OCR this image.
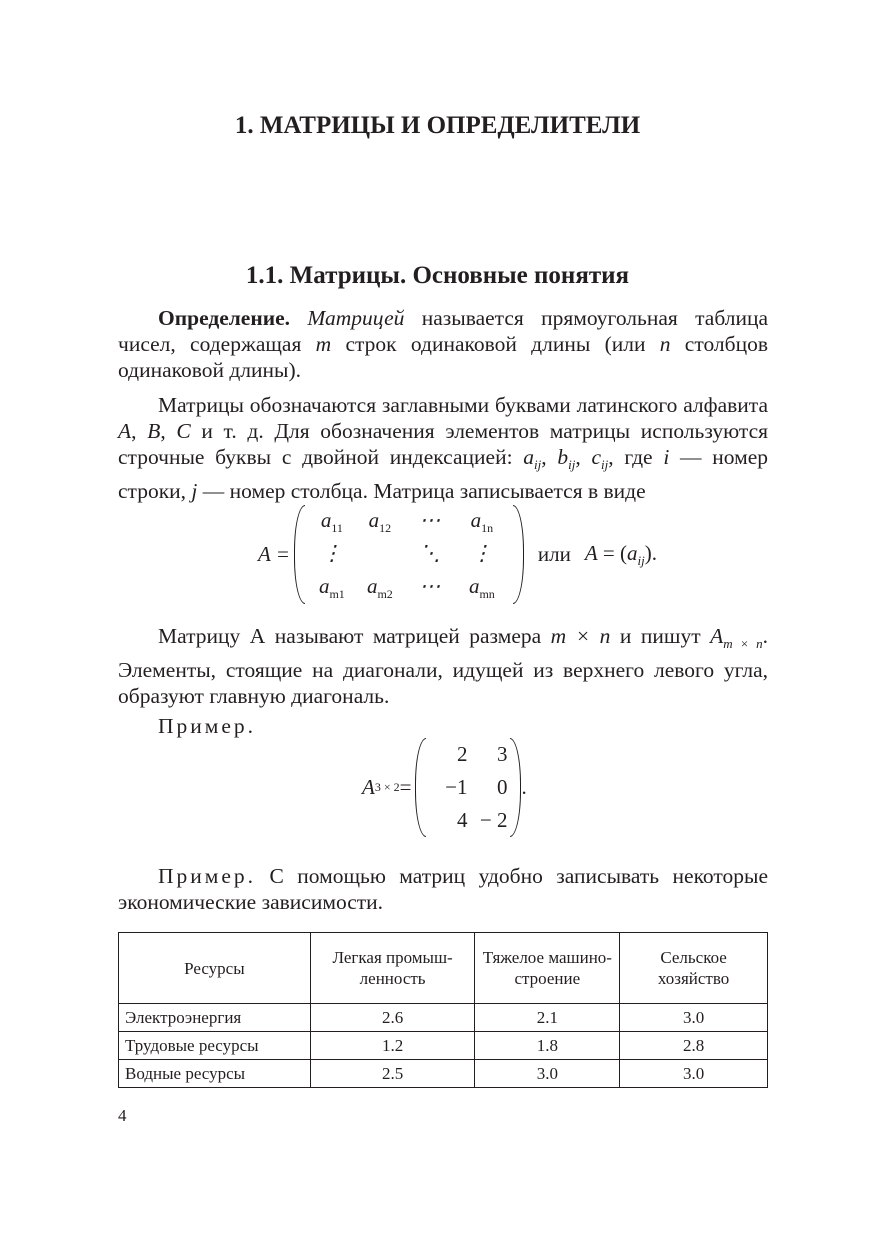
1. МАТРИЦЫ И ОПРЕДЕЛИТЕЛИ
1.1. Матрицы. Основные понятия

Определение. Матрицей называется прямоугольная таблица чисел, содержащая m строк одинаковой длины (или n столбцов одинаковой длины).

Матрицы обозначаются заглавными буквами латинского алфавита A, B, C и т. д. Для обозначения элементов матрицы используются строчные буквы с двойной индексацией: $a_{ij}$, $b_{ij}$, $c_{ij}$, где i — номер строки, j — номер столбца. Матрица записывается в виде

A =
$a_{11}$ $a_{12}$ ⋯ $a_{1n}$
⋮	⋱ ⋮
$a_{m1}$ $a_{m2}$ ⋯ $a_{mn}$
или $A = (a_{ij})$.

Матрицу А называют матрицей размера m × n и пишут $A_{m \times n}$. Элементы, стоящие на диагонали, идущей из верхнего левого угла, образуют главную диагональ.

Пример.

A 3 × 2 =
2 3
−1 0
4 − 2
.

Пример. С помощью матриц удобно записывать некоторые экономические зависимости.

Ресурсы	Легкая промыш-ленность	Тяжелое машино-строение	Сельское хозяйство
Электроэнергия	2.6	2.1	3.0
Трудовые ресурсы	1.2	1.8	2.8
Водные ресурсы	2.5	3.0	3.0
4
